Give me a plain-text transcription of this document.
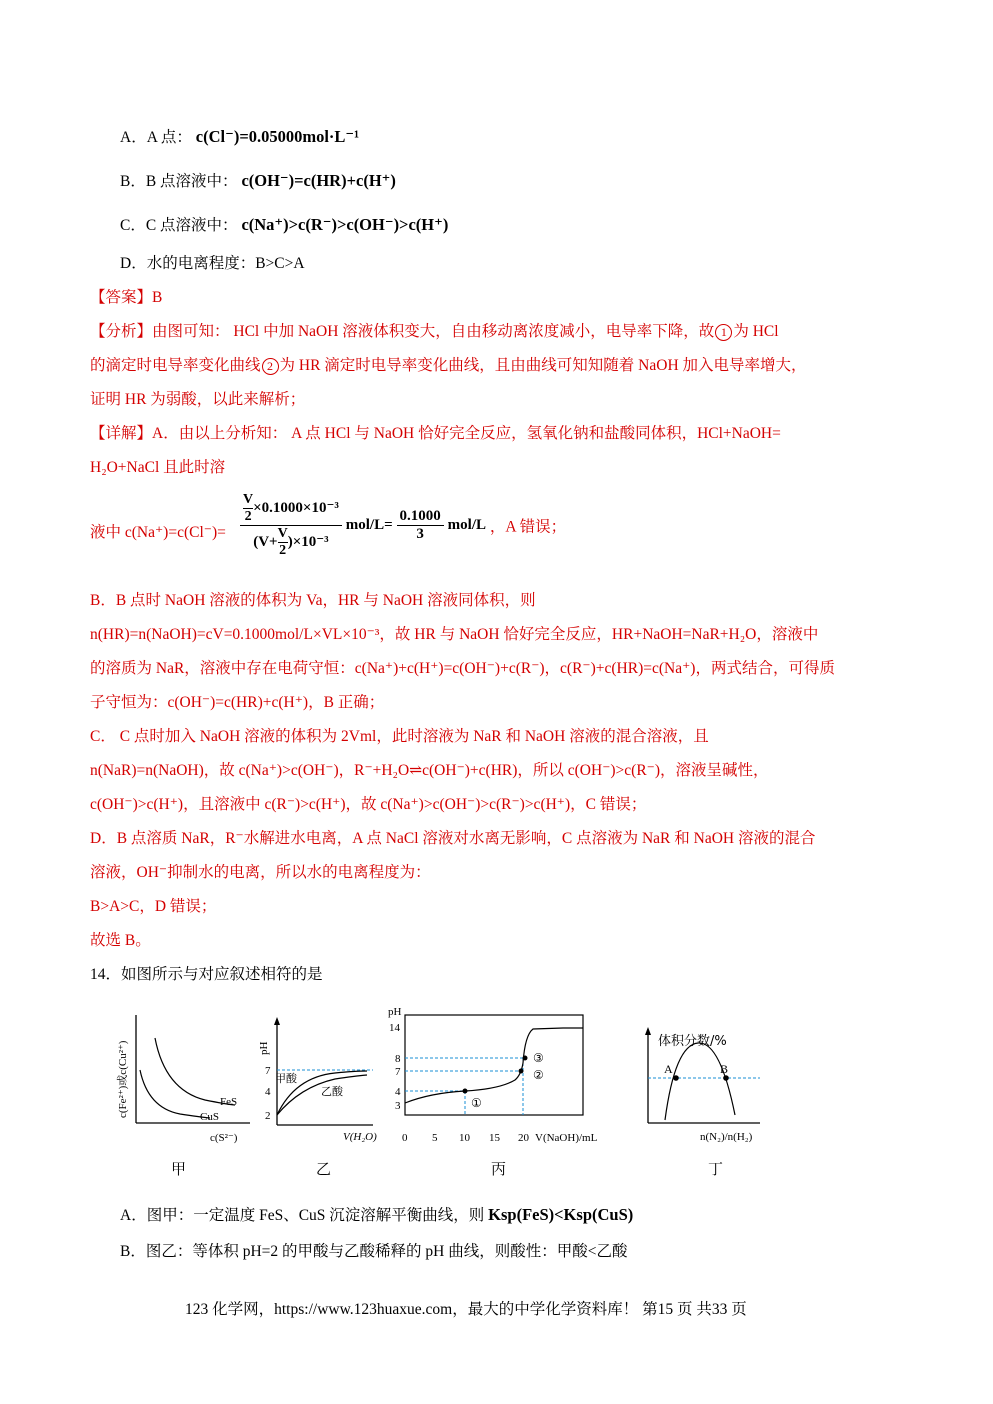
A．A 点： c(Cl⁻)=0.05000mol·L⁻¹
B．B 点溶液中： c(OH⁻)=c(HR)+c(H⁺)
C．C 点溶液中： c(Na⁺)>c(R⁻)>c(OH⁻)>c(H⁺)
D．水的电离程度：B>C>A
【答案】B
【分析】由图可知： HCl 中加 NaOH 溶液体积变大，自由移动离浓度减小，电导率下降，故 1 为 HCl
的滴定时电导率变化曲线 2 为 HR 滴定时电导率变化曲线，且由曲线可知知随着 NaOH 加入电导率增大，
证明 HR 为弱酸，以此来解析；
【详解】A．由以上分析知： A 点 HCl 与 NaOH 恰好完全反应，氢氧化钠和盐酸同体积，HCl+NaOH=
H₂O+NaCl 且此时溶
液中 $c(Na^+)=c(Cl^-)= \frac{\frac{V}{2} \times 0.1000\times 10^{-3}}{(V+ \frac{V}{2} )\times 10^{-3}} mol/L= \frac{0.1000}{3} mol/L$ ，A 错误；
B．B 点时 NaOH 溶液的体积为 Va，HR 与 NaOH 溶液同体积，则
n(HR)=n(NaOH)=cV=0.1000mol/L×VL×10⁻³，故 HR 与 NaOH 恰好完全反应，HR+NaOH=NaR+H₂O，溶液中
的溶质为 NaR，溶液中存在电荷守恒：c(Na⁺)+c(H⁺)=c(OH⁻)+c(R⁻)，c(R⁻)+c(HR)=c(Na⁺)，两式结合，可得质
子守恒为：c(OH⁻)=c(HR)+c(H⁺)，B 正确；
C． C 点时加入 NaOH 溶液的体积为 2Vml，此时溶液为 NaR 和 NaOH 溶液的混合溶液，且
n(NaR)=n(NaOH)，故 c(Na⁺)>c(OH⁻)，R⁻+H₂O⇌c(OH⁻)+c(HR)，所以 c(OH⁻)>c(R⁻)，溶液呈碱性，
c(OH⁻)>c(H⁺)，且溶液中 c(R⁻)>c(H⁺)，故 c(Na⁺)>c(OH⁻)>c(R⁻)>c(H⁺)，C 错误；
D．B 点溶质 NaR，R⁻水解进水电离，A 点 NaCl 溶液对水离无影响，C 点溶液为 NaR 和 NaOH 溶液的混合
溶液，OH⁻抑制水的电离，所以水的电离程度为：
B>A>C，D 错误；
故选 B。
14．如图所示与对应叙述相符的是
c(Fe²⁺)或c(Cu²⁺)
c(S²⁻)
FeS
CuS
甲
pH
7
4
2
甲酸
乙酸
V(H₂O)
乙
pH
14
8
7
4
3
0 5 10 15 20 V(NaOH)/mL
①
②
③
丙
体积分数/%
A	B
n(N₂)/n(H₂)
丁
A．图甲：一定温度 FeS、CuS 沉淀溶解平衡曲线，则 Ksp(FeS)<Ksp(CuS)
B．图乙：等体积 pH=2 的甲酸与乙酸稀释的 pH 曲线，则酸性：甲酸<乙酸
123 化学网，https://www.123huaxue.com，最大的中学化学资料库！ 第15 页 共33 页
